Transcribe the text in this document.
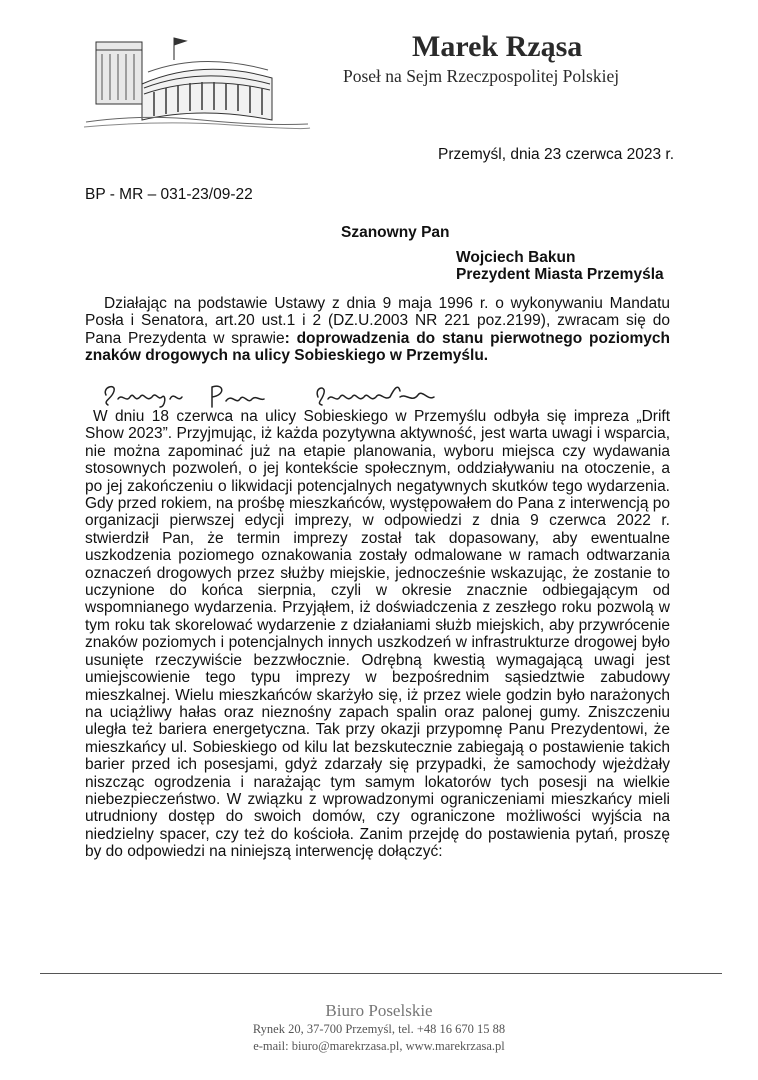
Marek Rząsa
Poseł na Sejm Rzeczpospolitej Polskiej
Przemyśl, dnia 23 czerwca 2023 r.
BP - MR – 031-23/09-22
Szanowny Pan
Wojciech Bakun
Prezydent Miasta Przemyśla
Działając na podstawie Ustawy z dnia 9 maja 1996 r. o wykonywaniu Mandatu Posła i Senatora, art.20 ust.1 i 2 (DZ.U.2003 NR 221 poz.2199), zwracam się do Pana Prezydenta w sprawie: doprowadzenia do stanu pierwotnego poziomych znaków drogowych na ulicy Sobieskiego w Przemyślu.
W dniu 18 czerwca na ulicy Sobieskiego w Przemyślu odbyła się impreza „Drift Show 2023”. Przyjmując, iż każda pozytywna aktywność, jest warta uwagi i wsparcia, nie można zapominać już na etapie planowania, wyboru miejsca czy wydawania stosownych pozwoleń, o jej kontekście społecznym, oddziaływaniu na otoczenie, a po jej zakończeniu o likwidacji potencjalnych negatywnych skutków tego wydarzenia. Gdy przed rokiem, na prośbę mieszkańców, występowałem do Pana z interwencją po organizacji pierwszej edycji imprezy, w odpowiedzi z dnia 9 czerwca 2022 r. stwierdził Pan, że termin imprezy został tak dopasowany, aby ewentualne uszkodzenia poziomego oznakowania zostały odmalowane w ramach odtwarzania oznaczeń drogowych przez służby miejskie, jednocześnie wskazując, że zostanie to uczynione do końca sierpnia, czyli w okresie znacznie odbiegającym od wspomnianego wydarzenia. Przyjąłem, iż doświadczenia z zeszłego roku pozwolą w tym roku tak skorelować wydarzenie z działaniami służb miejskich, aby przywrócenie znaków poziomych i potencjalnych innych uszkodzeń w infrastrukturze drogowej było usunięte rzeczywiście bezzwłocznie. Odrębną kwestią wymagającą uwagi jest umiejscowienie tego typu imprezy w bezpośrednim sąsiedztwie zabudowy mieszkalnej. Wielu mieszkańców skarżyło się, iż przez wiele godzin było narażonych na uciążliwy hałas oraz nieznośny zapach spalin oraz palonej gumy. Zniszczeniu uległa też bariera energetyczna. Tak przy okazji przypomnę Panu Prezydentowi, że mieszkańcy ul. Sobieskiego od kilu lat bezskutecznie zabiegają o postawienie takich barier przed ich posesjami, gdyż zdarzały się przypadki, że samochody wjeżdżały niszcząc ogrodzenia i narażając tym samym lokatorów tych posesji na wielkie niebezpieczeństwo. W związku z wprowadzonymi ograniczeniami mieszkańcy mieli utrudniony dostęp do swoich domów, czy ograniczone możliwości wyjścia na niedzielny spacer, czy też do kościoła. Zanim przejdę do postawienia pytań, proszę by do odpowiedzi na niniejszą interwencję dołączyć:
Biuro Poselskie
Rynek 20, 37-700 Przemyśl, tel. +48 16 670 15 88
e-mail: biuro@marekrzasa.pl, www.marekrzasa.pl
